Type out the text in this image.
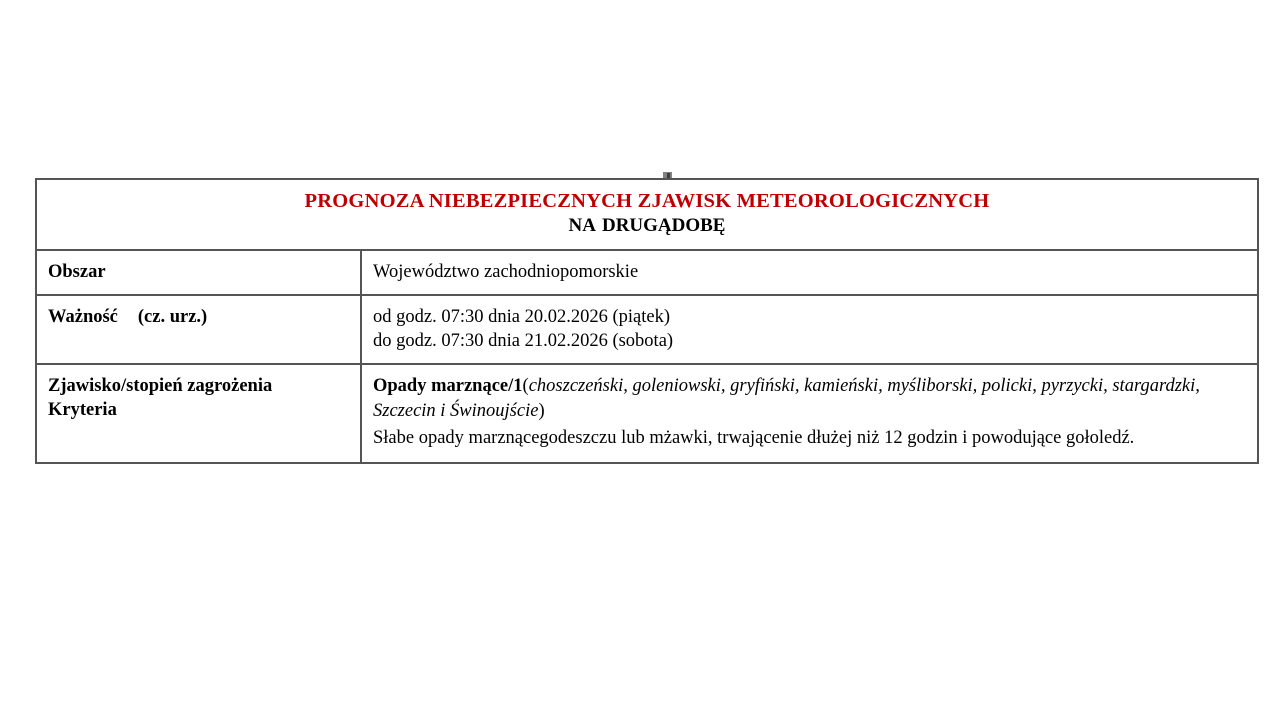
PROGNOZA NIEBEZPIECZNYCH ZJAWISK METEOROLOGICZNYCH
NA DRUGĄDOBĘ	

Obszar	Województwo zachodniopomorskie
Ważność (cz. urz.)	od godz. 07:30 dnia 20.02.2026 (piątek)
do godz. 07:30 dnia 21.02.2026 (sobota)

Zjawisko/stopień zagrożenia
Kryteria	Opady marznące/1(choszczeński, goleniowski, gryfiński, kamieński, myśliborski, policki, pyrzycki, stargardzki, Szczecin i Świnoujście)
Słabe opady marznącegodeszczu lub mżawki, trwającenie dłużej niż 12 godzin i powodujące gołoledź.
